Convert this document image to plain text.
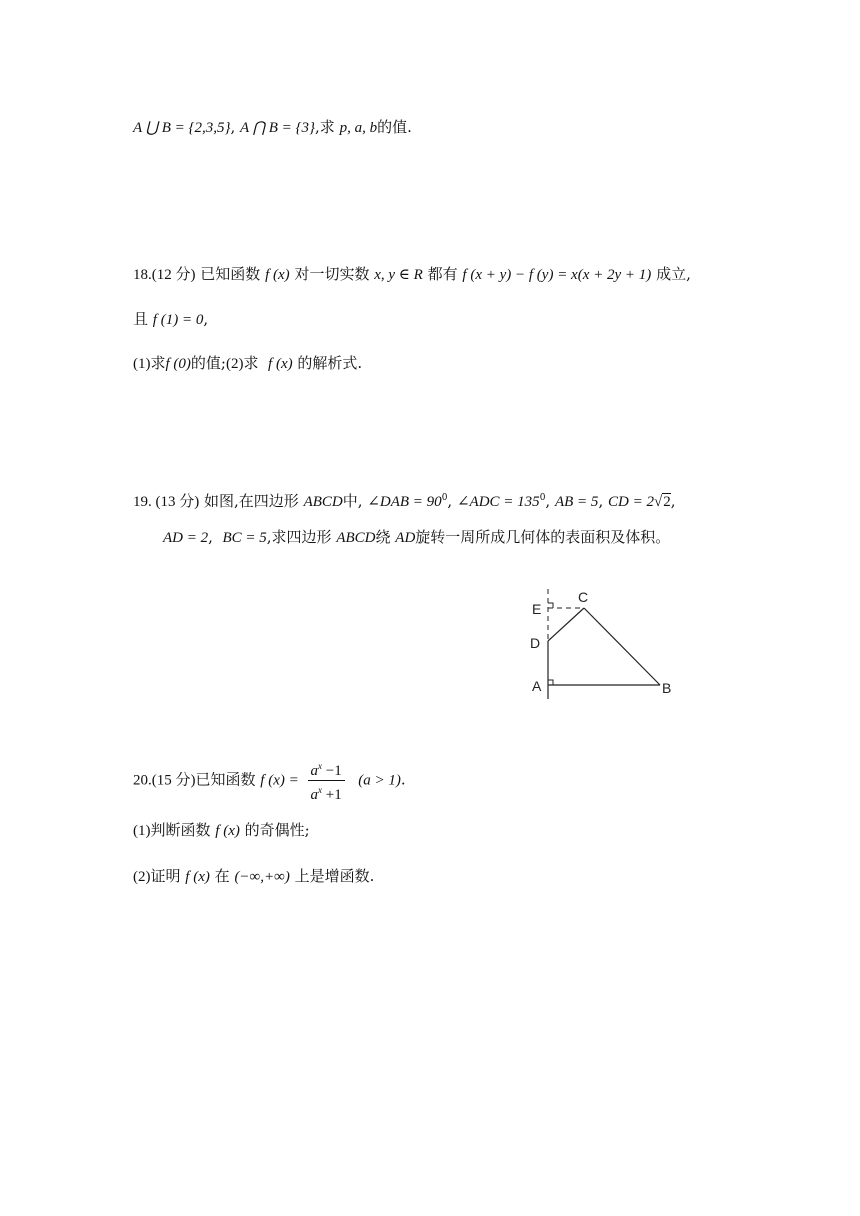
A ⋃ B = {2,3,5}, A ⋂ B = {3},求 p, a, b的值.
18.(12 分) 已知函数 f (x) 对一切实数 x, y ∈ R 都有 f (x + y) − f (y) = x(x + 2y + 1) 成立,
且 f (1) = 0,
(1)求f (0)的值;(2)求 f (x) 的解析式.
19. (13 分) 如图,在四边形 ABCD中, ∠DAB = $90^0$, ∠ADC = $135^0$, AB = 5, CD = 2√2,
AD = 2, BC = 5,求四边形 ABCD绕 AD旋转一周所成几何体的表面积及体积。
E
C
D
A	B
20.(15 分)已知函数 f $(x) = \frac{a^x -1}{a^x +1} (a > 1)$.
(1)判断函数 f (x) 的奇偶性;
(2)证明 f (x) 在 (−∞,+∞) 上是增函数.
